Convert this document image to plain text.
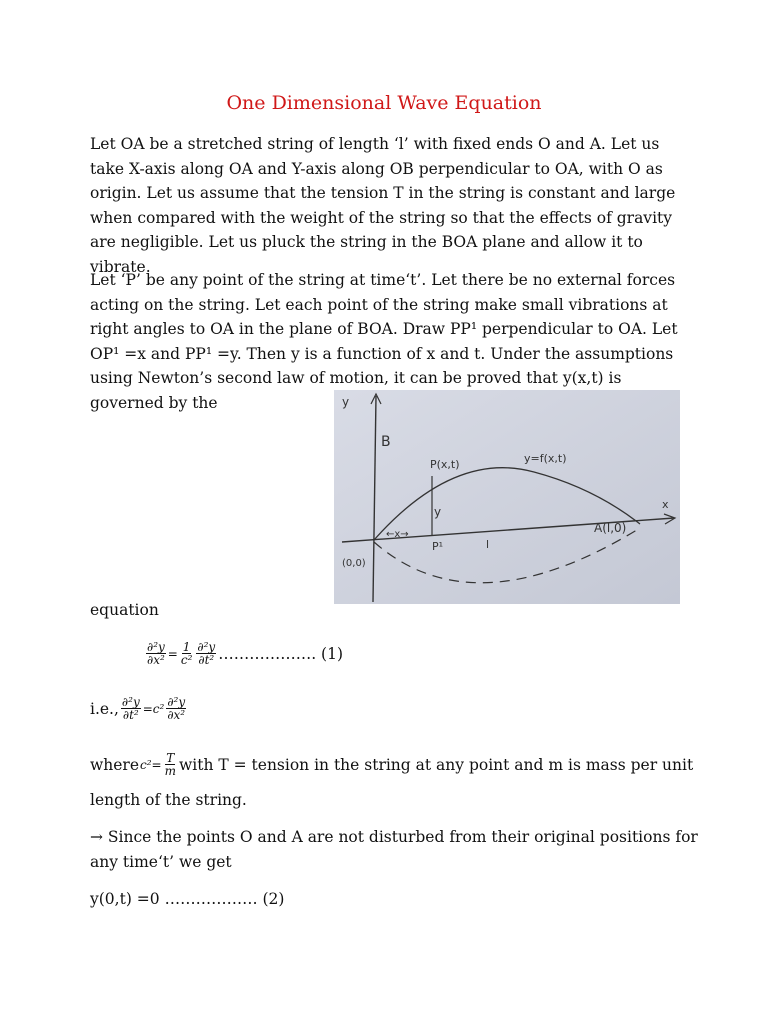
One Dimensional Wave Equation

Let OA be a stretched string of length ‘l’ with fixed ends O and A. Let us take X-axis along OA and Y-axis along OB perpendicular to OA, with O as origin. Let us assume that the tension T in the string is constant and large when compared with the weight of the string so that the effects of gravity are negligible. Let us pluck the string in the BOA plane and allow it to vibrate.

Let ‘P’ be any point of the string at time‘t’. Let there be no external forces acting on the string. Let each point of the string make small vibrations at right angles to OA in the plane of BOA. Draw PP¹ perpendicular to OA. Let OP¹ =x and PP¹ =y. Then y is a function of x and t. Under the assumptions using Newton’s second law of motion, it can be proved that y(x,t) is governed by the	y
B
P(x,t)	y=f(x,t)
y
←x→
P¹	l
A(l,0)
(0,0)
x
equation
$\frac{\text{∂²y}}{\text{∂x²}} = \frac{1}{\text{c²}} \frac{\text{∂²y}}{\text{∂t²}}$ ………………. (1)
i.e., $\frac{\text{∂²y}}{\text{∂t²}} =c^2 \frac{\text{∂²y}}{\text{∂x²}}$
where $c^2= \frac{T}{m}$ with T = tension in the string at any point and m is mass per unit
length of the string.

→ Since the points O and A are not disturbed from their original positions for any time‘t’ we get

y(0,t) =0 ……………… (2)
